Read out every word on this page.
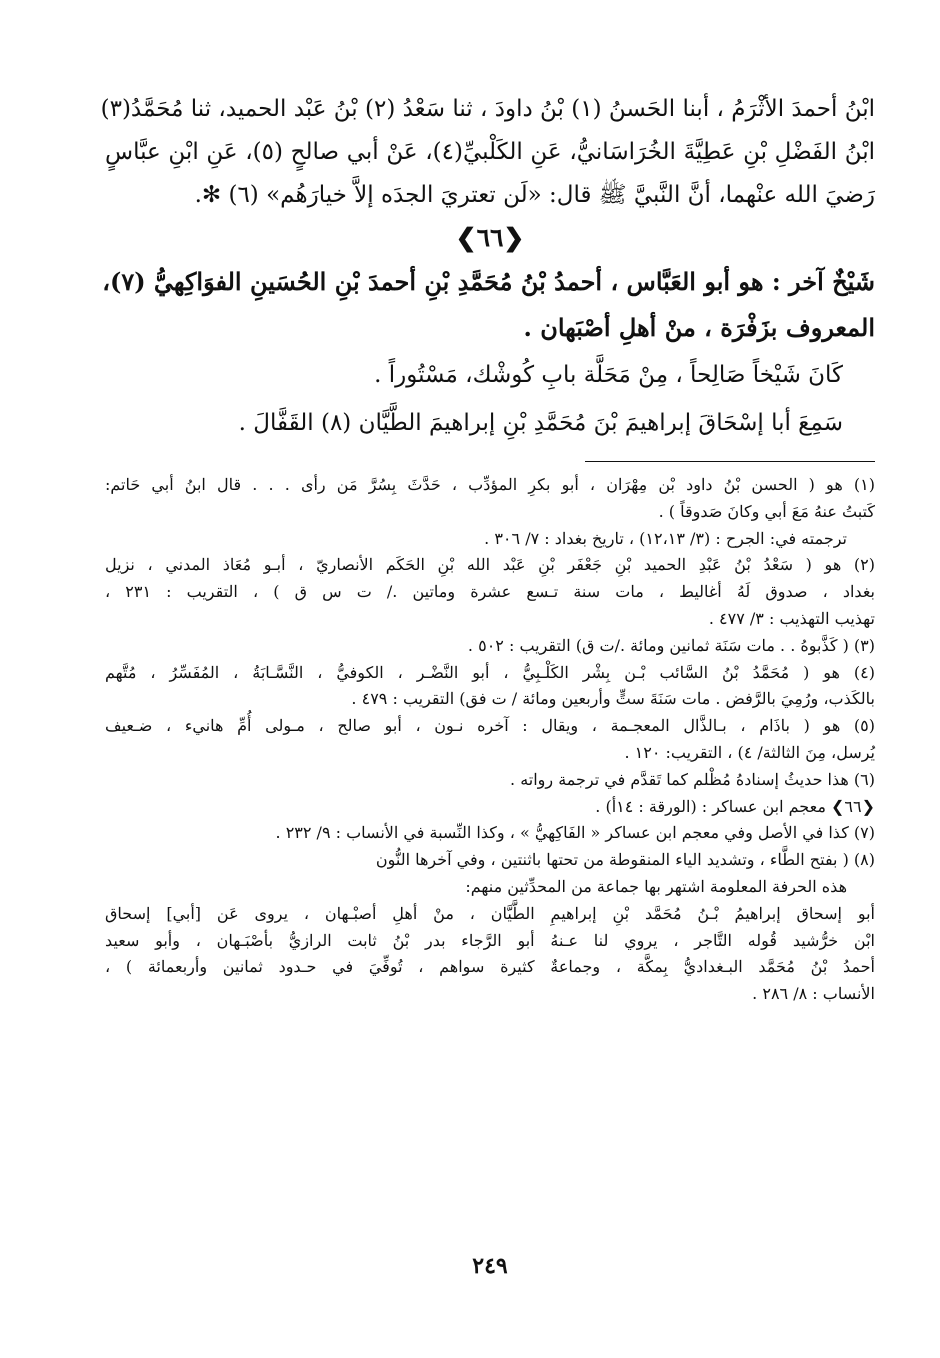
ابْنُ أحمدَ الأثْرَمُ ، أبنا الحَسنُ (١) بْنُ داودَ ، ثنا سَعْدُ (٢) بْنُ عَبْد الحميد، ثنا مُحَمَّدُ(٣)
ابْنُ الفَضْلِ بْنِ عَطِيَّةَ الخُرَاسَانيُّ، عَنِ الكَلْبيِّ(٤)، عَنْ أبي صالحٍ (٥)، عَنِ ابْنِ عبَّاسٍ
رَضيَ الله عنْهما، أنَّ النَّبيَّ ﷺ قال: «لَن تعتريَ الجدَه إلاَّ خيارَهُم» (٦) ✻.
❮٦٦❯
شَيْخٌ آخر : هو أبو العَبَّاس ، أحمدُ بْنُ مُحَمَّدِ بْنِ أحمدَ بْنِ الحُسَينِ الفوَاكِهيُّ (٧)،
المعروف بزَفْرَة ، منْ أهلِ أصْبَهان .
كَانَ شَيْخاً صَالِحاً ، مِنْ مَحَلَّة بابِ كُوشْك، مَسْتُوراً .
سَمِعَ أبا إسْحَاقَ إبراهيمَ بْنَ مُحَمَّدِ بْنِ إبراهيمَ الطَّيَّان (٨) القَفَّالَ .
(١) هو ( الحسن بْنُ داود بْن مِهْرَان ، أبو بكرِ المؤدِّب ، حَدَّثَ بِسُرَّ مَن رأى . . . قال ابنُ أبي حَاتم:
كَتبتُ عنهُ مَعَ أبي وكانَ صَدوقاً ) .
ترجمته في: الجرح : (٣/ ١٢،١٣) ، تاريخ بغداد : ٧/ ٣٠٦ .
(٢) هو ( سَعْدُ بْنُ عَبْدِ الحميد بْنِ جَعْفَر بْنِ عَبْد الله بْنِ الحَكَم الأنصاريّ ، أبـو مُعَاذ المدني ، نزيل
بغداد ، صدوق لَهُ أغاليط ، مات سنة تـسع عشرة وماتين ./ ت س ق ) ، التقريب : ٢٣١ ،
تهذيب التهذيب : ٣/ ٤٧٧ .
(٣) ( كَذَّبوهُ . . مات سَنَة ثمانين ومائة ./ت ق) التقريب : ٥٠٢ .
(٤) هو ( مُحَمَّدُ بْنُ السَّائب بْـن بِشْر الكَلْـبِيُّ ، أبو النَّضْـر ، الكوفيُّ ، النَّسَّـابَةُ ، المُفَسِّرُ ، مُتَّهم
بالكَذب، ورُمِيَ بالرَّفض . مات سَنَةَ ستٍّ وأربعين ومائة / ت فق) التقريب : ٤٧٩ .
(٥) هو ( باذَام ، بـالذَّال المعجـمة ، ويقال : آخره نـون ، أبو صالح ، مـولى أُمِّ هانيء ، ضـعيف
يُرسل، مِنَ الثالثة/ ٤) ، التقريب: ١٢٠ .
(٦) هذا حديثُ إسنادهُ مُظْلم كما تَقدَّم في ترجمة رواته .
❮٦٦❯ معجم ابن عساكر : (الورقة : ١٤أ) .
(٧) كذا في الأصل وفي معجم ابن عساكر « الفَاكِهيُّ » ، وكذا النِّسبة في الأنساب : ٩/ ٢٣٢ .
(٨) ( بفتح الطَّاء ، وتشديد الياء المنقوطة من تحتها باثنتين ، وفي آخرها النُّون
هذه الحرفة المعلومة اشتهر بها جماعة من المحدِّثين منهم:
أبو إسحاق إبراهيمُ بْـنُ مُحَمَّد بْنِ إبراهيمِ الطَّيَّان ، منْ أهلِ أصبْـهان ، يروى عَن [أبي] إسحاق
ابْن خرُّشيد قُوله التَّاجر ، يروي لنا عـنهُ أبو الرَّجاء بدر بْنُ ثابت الرازيُّ بأصْبَـهان ، وأبو سعيد
أحمدُ بْنُ مُحَمَّد البـغداديُّ بِمكَّة ، وجماعةٌ كثيرة سواهم ، تُوفِّيَ في حـدود ثمانين وأربعمائة ) ،
الأنساب : ٨/ ٢٨٦ .
٢٤٩
